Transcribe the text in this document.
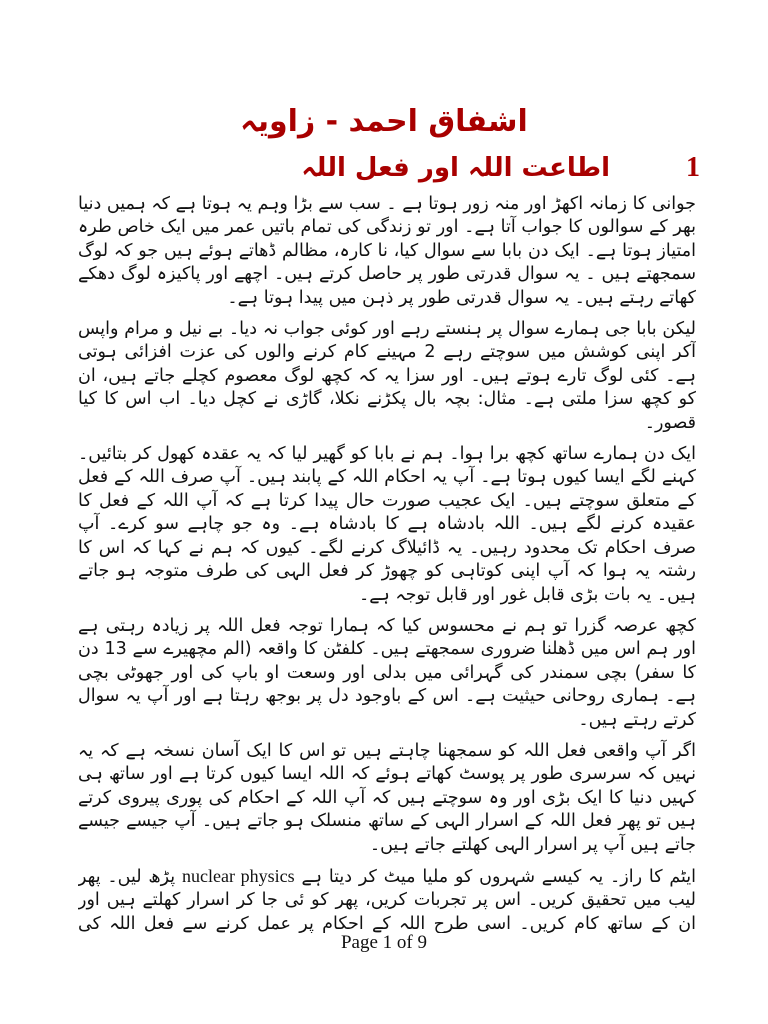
اشفاق احمد - زاویہ
1
اطاعت اللہ اور فعل اللہ

جوانی کا زمانہ اکھڑ اور منہ زور ہوتا ہے ۔ سب سے بڑا وہم یہ ہوتا ہے کہ ہمیں دنیا بھر کے سوالوں کا جواب آتا ہے۔ اور تو زندگی کی تمام باتیں عمر میں ایک خاص طرہ امتیاز ہوتا ہے۔ ایک دن بابا سے سوال کیا، نا کارہ، مظالم ڈھاتے ہوئے ہیں جو کہ لوگ سمجھتے ہیں ۔ یہ سوال قدرتی طور پر حاصل کرتے ہیں۔ اچھے اور پاکیزہ لوگ دھکے کھاتے رہتے ہیں۔ یہ سوال قدرتی طور پر ذہن میں پیدا ہوتا ہے۔

لیکن بابا جی ہمارے سوال پر ہنستے رہے اور کوئی جواب نہ دیا۔ بے نیل و مرام واپس آکر اپنی کوشش میں سوچتے رہے 2 مہینے کام کرنے والوں کی عزت افزائی ہوتی ہے۔ کئی لوگ تارے ہوتے ہیں۔ اور سزا یہ کہ کچھ لوگ معصوم کچلے جاتے ہیں، ان کو کچھ سزا ملتی ہے۔ مثال: بچہ بال پکڑنے نکلا، گاڑی نے کچل دیا۔ اب اس کا کیا قصور۔

ایک دن ہمارے ساتھ کچھ برا ہوا۔ ہم نے بابا کو گھیر لیا کہ یہ عقدہ کھول کر بتائیں۔ کہنے لگے ایسا کیوں ہوتا ہے۔ آپ یہ احکام اللہ کے پابند ہیں۔ آپ صرف اللہ کے فعل کے متعلق سوچتے ہیں۔ ایک عجیب صورت حال پیدا کرتا ہے کہ آپ اللہ کے فعل کا عقیدہ کرنے لگے ہیں۔ اللہ بادشاہ ہے کا بادشاہ ہے۔ وہ جو چاہے سو کرے۔ آپ صرف احکام تک محدود رہیں۔ یہ ڈائیلاگ کرنے لگے۔ کیوں کہ ہم نے کہا کہ اس کا رشتہ یہ ہوا کہ آپ اپنی کوتاہی کو چھوڑ کر فعل الہی کی طرف متوجہ ہو جاتے ہیں۔ یہ بات بڑی قابل غور اور قابل توجہ ہے۔

کچھ عرصہ گزرا تو ہم نے محسوس کیا کہ ہمارا توجہ فعل اللہ پر زیادہ رہتی ہے اور ہم اس میں ڈھلنا ضروری سمجھتے ہیں۔ کلفٹن کا واقعہ (الم مچھیرے سے 13 دن کا سفر) بچی سمندر کی گہرائی میں بدلی اور وسعت او باپ کی اور جھوٹی بچی ہے۔ ہماری روحانی حیثیت ہے۔ اس کے باوجود دل پر بوجھ رہتا ہے اور آپ یہ سوال کرتے رہتے ہیں۔

اگر آپ واقعی فعل اللہ کو سمجھنا چاہتے ہیں تو اس کا ایک آسان نسخہ ہے کہ یہ نہیں کہ سرسری طور پر پوسٹ کھاتے ہوئے کہ اللہ ایسا کیوں کرتا ہے اور ساتھ ہی کہیں دنیا کا ایک بڑی اور وہ سوچتے ہیں کہ آپ اللہ کے احکام کی پوری پیروی کرتے ہیں تو پھر فعل اللہ کے اسرار الہی کے ساتھ منسلک ہو جاتے ہیں۔ آپ جیسے جیسے جاتے ہیں آپ پر اسرار الہی کھلتے جاتے ہیں۔

ایٹم کا راز۔ یہ کیسے شہروں کو ملیا میٹ کر دیتا ہے nuclear physics پڑھ لیں۔ پھر لیب میں تحقیق کریں۔ اس پر تجربات کریں، پھر کو ئی جا کر اسرار کھلتے ہیں اور ان کے ساتھ کام کریں۔ اسی طرح اللہ کے احکام پر عمل کرنے سے فعل اللہ کی

Page 1 of 9
